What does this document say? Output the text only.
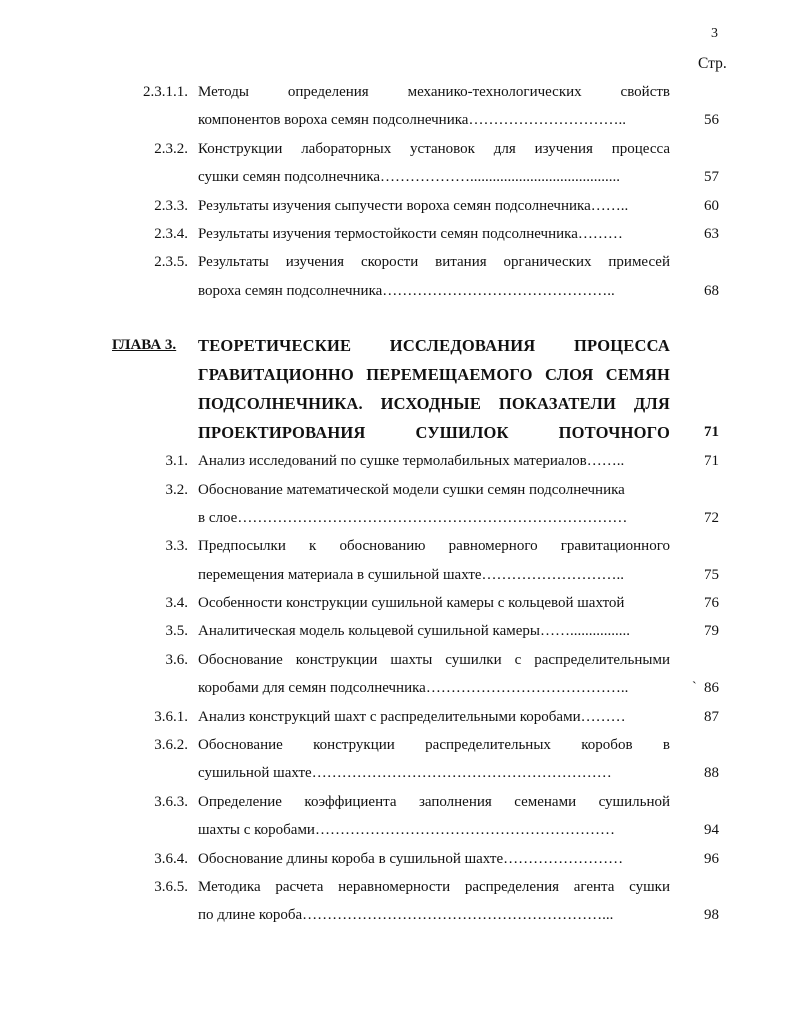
3
Стр.
2.3.1.1. Методы определения механико-технологических свойств
компонентов вороха семян подсолнечника…………………………..	56
2.3.2. Конструкции лабораторных установок для изучения процесса
сушки семян подсолнечника………………........................................	57
2.3.3. Результаты изучения сыпучести вороха семян подсолнечника……..	60
2.3.4. Результаты изучения термостойкости семян подсолнечника………	63
2.3.5. Результаты изучения скорости витания органических примесей
вороха семян подсолнечника………………………………………..	68
ГЛАВА 3.	ТЕОРЕТИЧЕСКИЕ ИССЛЕДОВАНИЯ ПРОЦЕССА
ГРАВИТАЦИОННО ПЕРЕМЕЩАЕМОГО СЛОЯ СЕМЯН
ПОДСОЛНЕЧНИКА. ИСХОДНЫЕ ПОКАЗАТЕЛИ ДЛЯ
ПРОЕКТИРОВАНИЯ СУШИЛОК ПОТОЧНОГО 71
3.1. Анализ исследований по сушке термолабильных материалов……..	71
3.2. Обоснование математической модели сушки семян подсолнечника
в слое……………………………………………………………………	72
3.3. Предпосылки к обоснованию равномерного гравитационного
перемещения материала в сушильной шахте………………………..	75
3.4. Особенности конструкции сушильной камеры с кольцевой шахтой	76
3.5. Аналитическая модель кольцевой сушильной камеры……................	79
3.6. Обоснование конструкции шахты сушилки с распределительными
коробами для семян подсолнечника…………………………………..	86
`
3.6.1. Анализ конструкций шахт с распределительными коробами………	87
3.6.2. Обоснование конструкции распределительных коробов в
сушильной шахте……………………………………………………	88
3.6.3. Определение коэффициента заполнения семенами сушильной
шахты с коробами……………………………………………………	94
3.6.4. Обоснование длины короба в сушильной шахте……………………	96
3.6.5. Методика расчета неравномерности распределения агента сушки
по длине короба……………………………………………………...	98
